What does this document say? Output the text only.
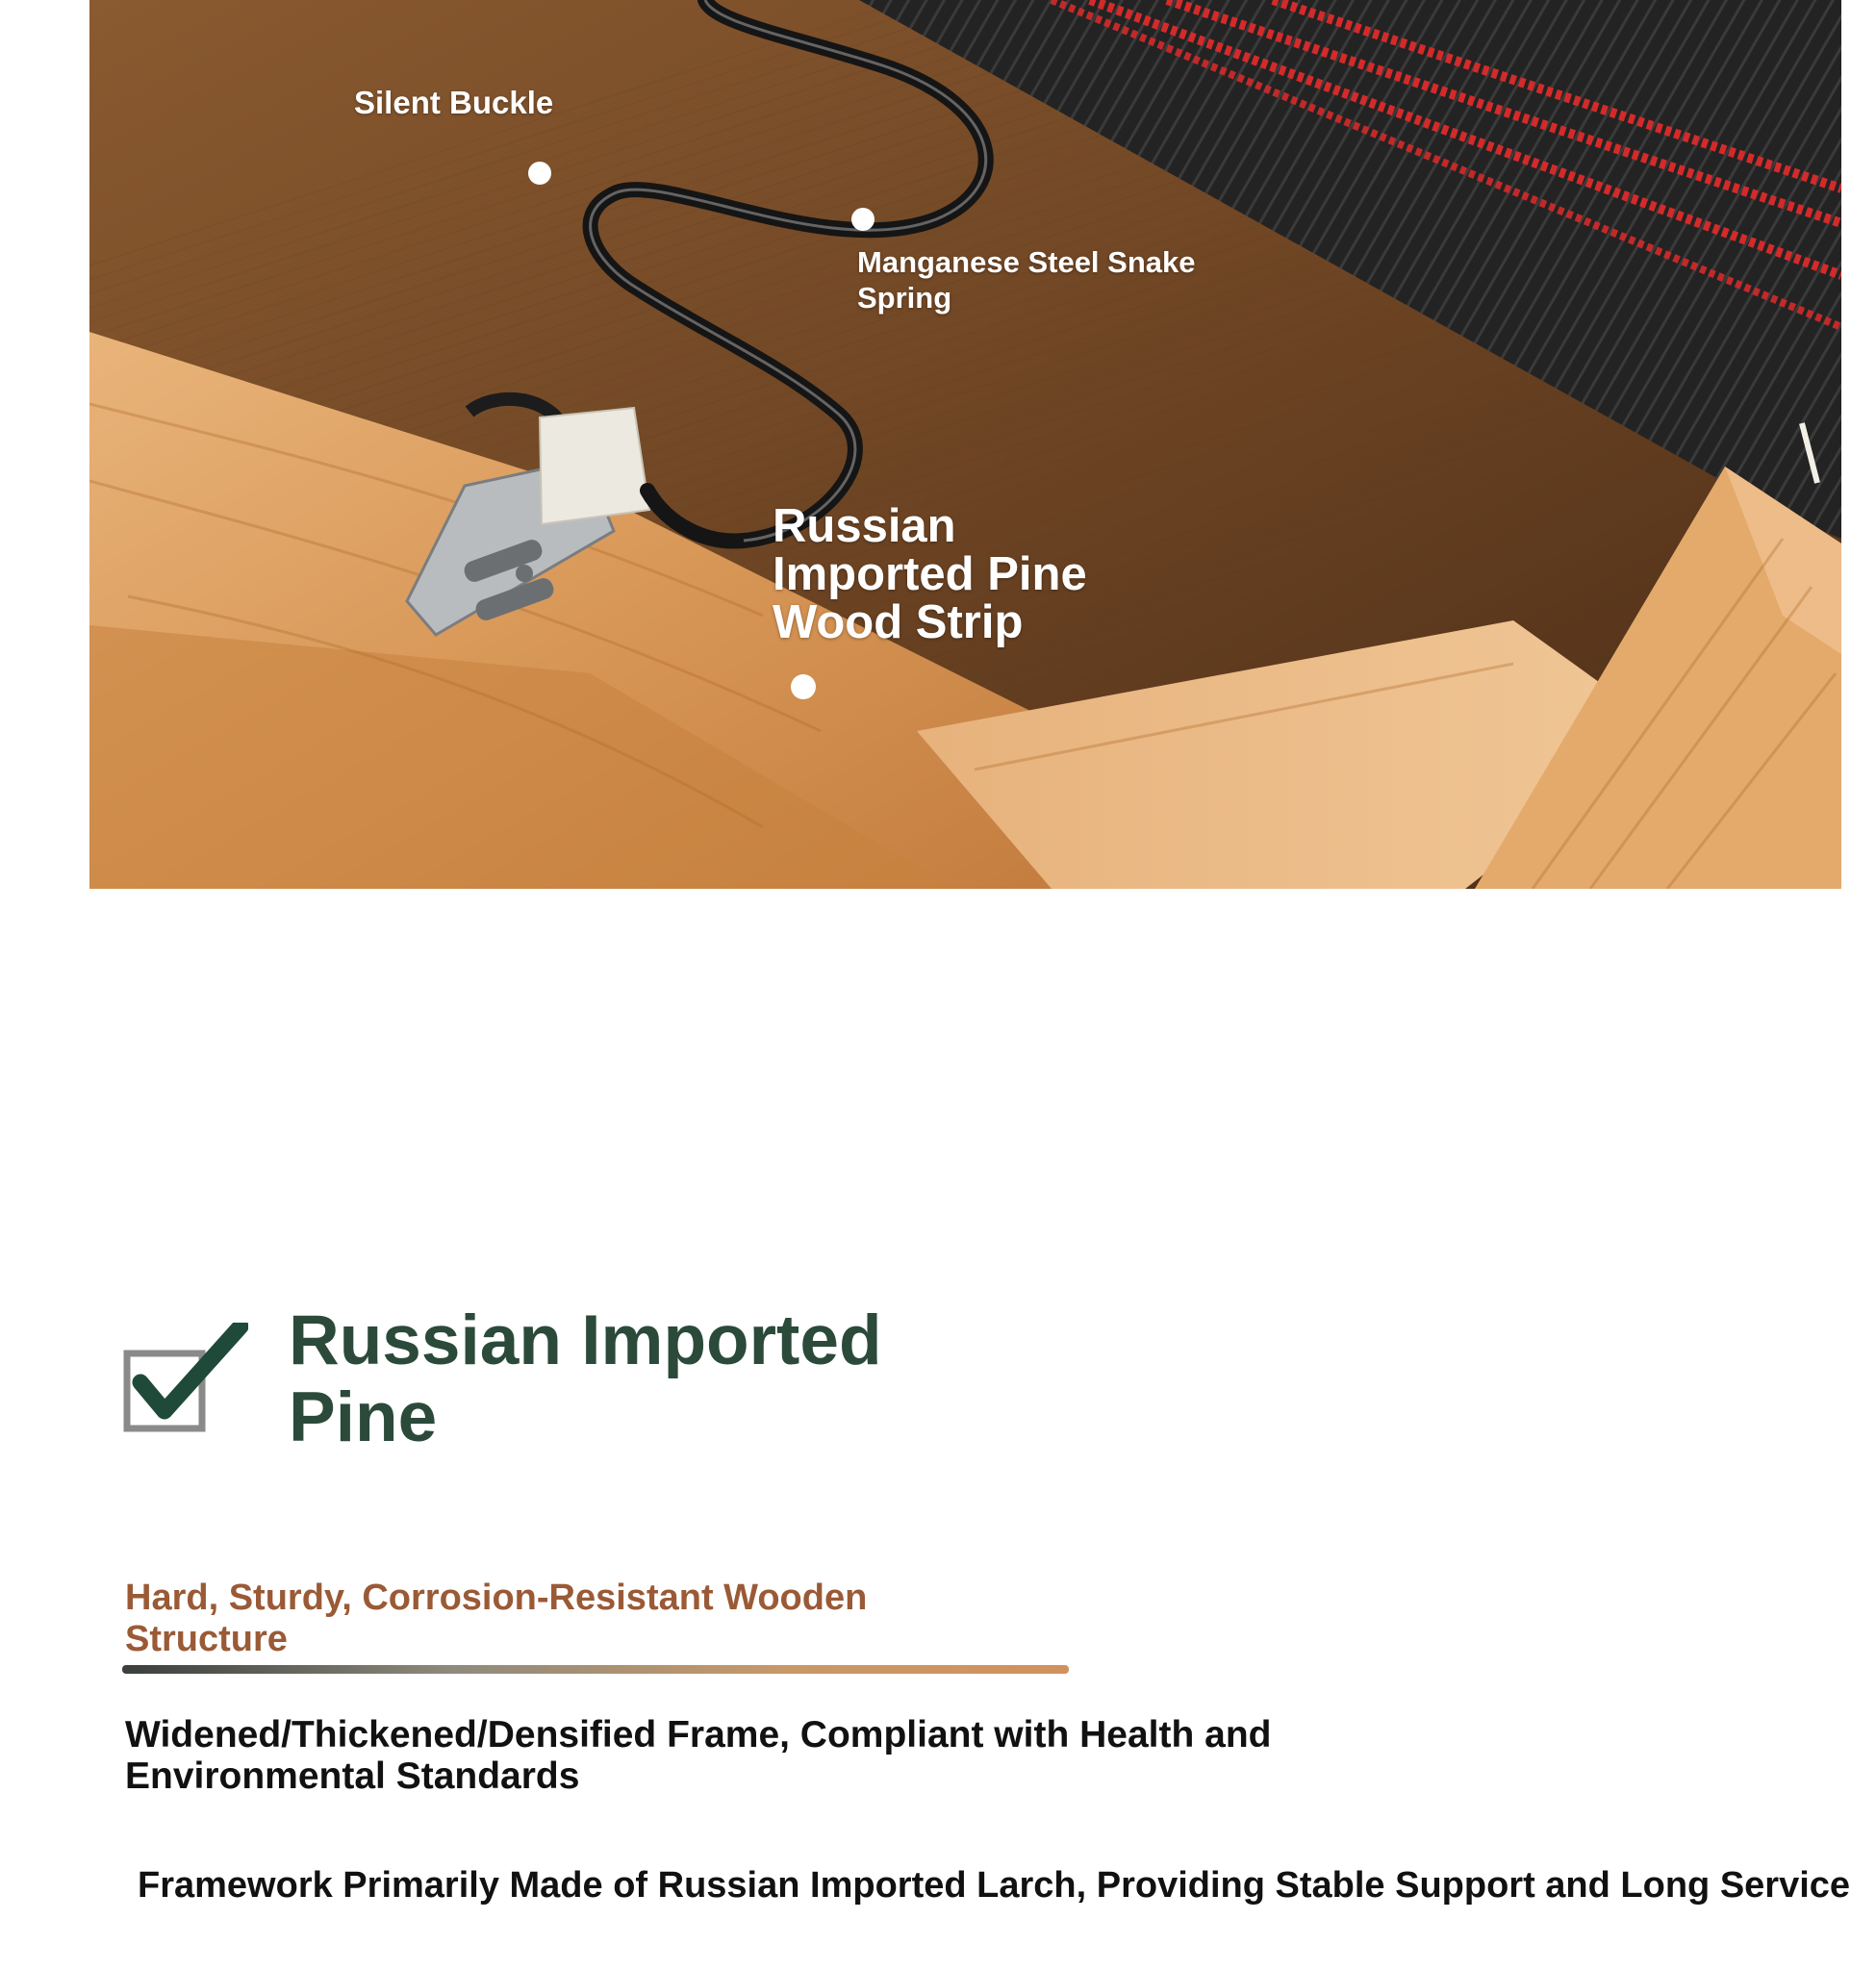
Silent Buckle
Manganese Steel Snake Spring
Russian Imported Pine Wood Strip
Russian Imported Pine
Hard, Sturdy, Corrosion-Resistant Wooden Structure
Widened/Thickened/Densified Frame, Compliant with Health and Environmental Standards
Framework Primarily Made of Russian Imported Larch, Providing Stable Support and Long Service
